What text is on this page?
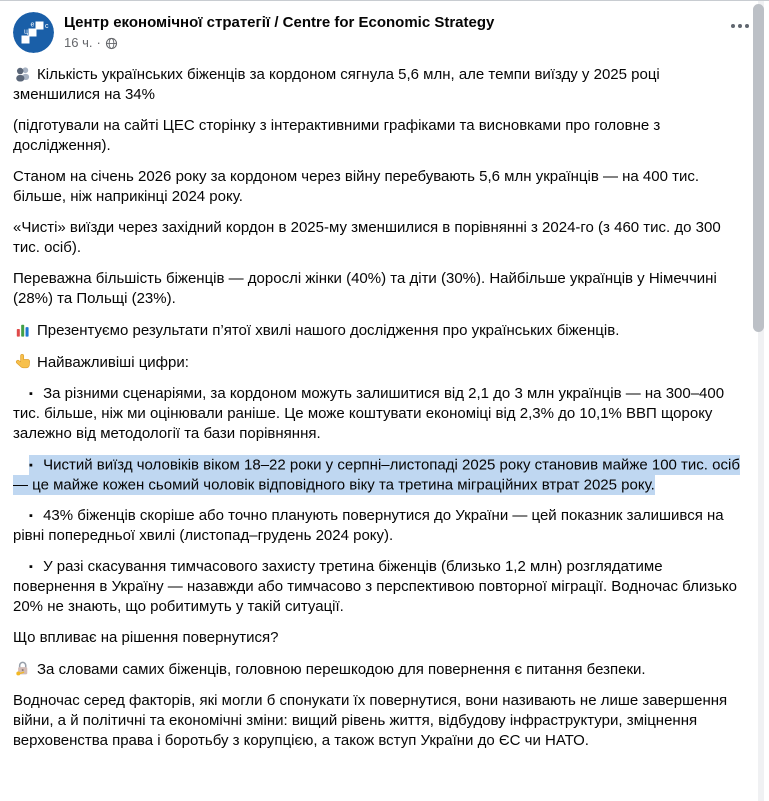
ц
е с Центр економічної стратегії / Centre for Economic Strategy
16 ч. ·

Кількість українських біженців за кордоном сягнула 5,6 млн, але темпи виїзду у 2025 році зменшилися на 34%

(підготували на сайті ЦЕС сторінку з інтерактивними графіками та висновками про головне з дослідження).

Станом на січень 2026 року за кордоном через війну перебувають 5,6 млн українців — на 400 тис. більше, ніж наприкінці 2024 року.

«Чисті» виїзди через західний кордон в 2025-му зменшилися в порівнянні з 2024-го (з 460 тис. до 300 тис. осіб).

Переважна більшість біженців — дорослі жінки (40%) та діти (30%). Найбільше українців у Німеччині (28%) та Польщі (23%).

Презентуємо результати п’ятої хвилі нашого дослідження про українських біженців.

Найважливіші цифри:

▪ За різними сценаріями, за кордоном можуть залишитися від 2,1 до 3 млн українців — на 300–400 тис. більше, ніж ми оцінювали раніше. Це може коштувати економіці від 2,3% до 10,1% ВВП щороку залежно від методології та бази порівняння.

▪ Чистий виїзд чоловіків віком 18–22 роки у серпні–листопаді 2025 року становив майже 100 тис. осіб — це майже кожен сьомий чоловік відповідного віку та третина міграційних втрат 2025 року.

▪ 43% біженців скоріше або точно планують повернутися до України — цей показник залишився на рівні попередньої хвилі (листопад–грудень 2024 року).

▪ У разі скасування тимчасового захисту третина біженців (близько 1,2 млн) розглядатиме повернення в Україну — назавжди або тимчасово з перспективою повторної міграції. Водночас близько 20% не знають, що робитимуть у такій ситуації.

Що впливає на рішення повернутися?

За словами самих біженців, головною перешкодою для повернення є питання безпеки.

Водночас серед факторів, які могли б спонукати їх повернутися, вони називають не лише завершення війни, а й політичні та економічні зміни: вищий рівень життя, відбудову інфраструктури, зміцнення верховенства права і боротьбу з корупцією, а також вступ України до ЄС чи НАТО.
